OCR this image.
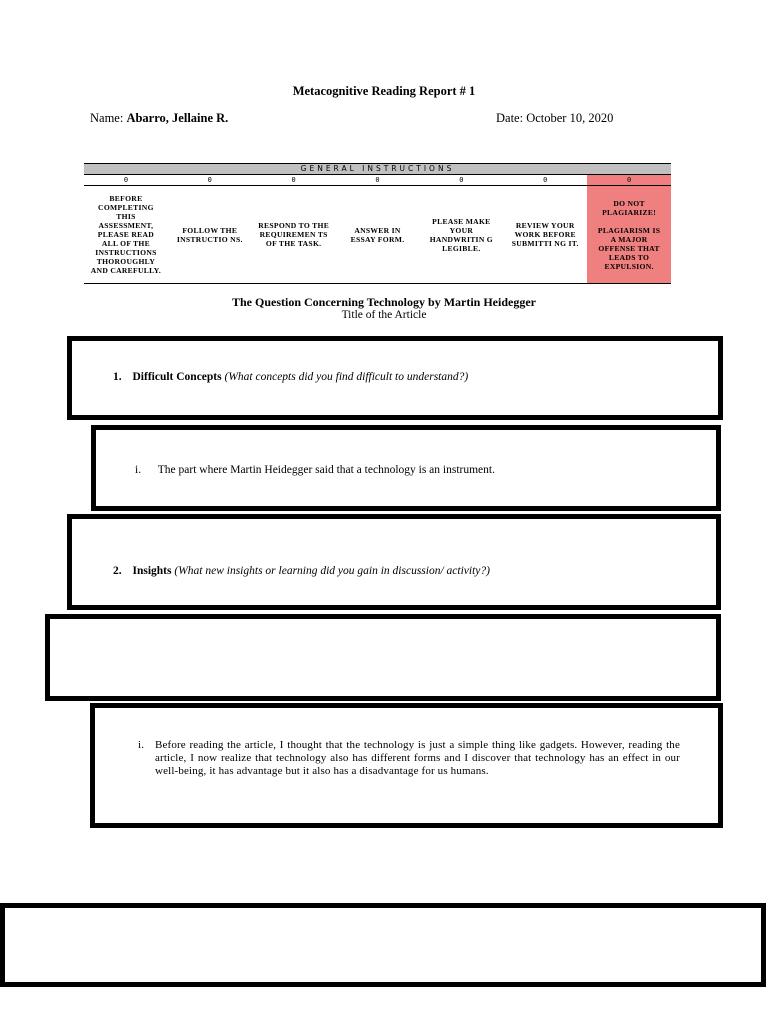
Metacognitive Reading Report # 1
Name: Abarro, Jellaine R.	Date: October 10, 2020
GENERAL INSTRUCTIONS
0
BEFORE COMPLETING THIS ASSESSMENT, PLEASE READ ALL OF THE INSTRUCTIONS THOROUGHLY AND CAREFULLY.
0
FOLLOW THE INSTRUCTIO NS.
0
RESPOND TO THE REQUIREMEN TS OF THE TASK.
0
ANSWER IN ESSAY FORM.
0
PLEASE MAKE YOUR HANDWRITIN G LEGIBLE.
0
REVIEW YOUR WORK BEFORE SUBMITTI NG IT.
0
DO NOT PLAGIARIZE!
PLAGIARISM IS A MAJOR OFFENSE THAT LEADS TO EXPULSION.
The Question Concerning Technology by Martin Heidegger
Title of the Article
1. Difficult Concepts (What concepts did you find difficult to understand?)
i. The part where Martin Heidegger said that a technology is an instrument.
2. Insights (What new insights or learning did you gain in discussion/ activity?)
i. Before reading the article, I thought that the technology is just a simple thing like gadgets. However, reading the article, I now realize that technology also has different forms and I discover that technology has an effect in our well-being, it has advantage but it also has a disadvantage for us humans.
